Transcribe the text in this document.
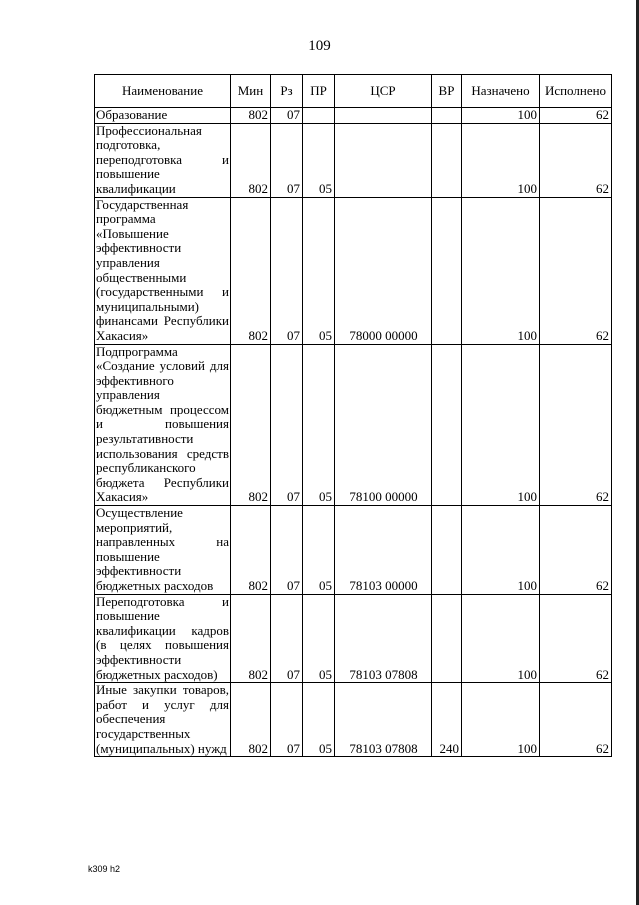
109
Наименование	Мин	Рз	ПР	ЦСР	ВР	Назначено	Исполнено
Образование	802	07				100	62
Профессиональная подготовка, переподготовка и повышение квалификации	802	07	05			100	62
Государственная программа «Повышение эффективности управления общественными (государственными и муниципальными) финансами Республики Хакасия»	802	07	05	78000 00000		100	62
Подпрограмма «Создание условий для эффективного управления бюджетным процессом и повышения результативности использования средств республиканского бюджета Республики Хакасия»	802	07	05	78100 00000		100	62
Осуществление мероприятий, направленных на повышение эффективности бюджетных расходов	802	07	05	78103 00000		100	62
Переподготовка и повышение квалификации кадров (в целях повышения эффективности бюджетных расходов)	802	07	05	78103 07808		100	62
Иные закупки товаров, работ и услуг для обеспечения государственных (муниципальных) нужд	802	07	05	78103 07808	240	100	62
k309 h2
